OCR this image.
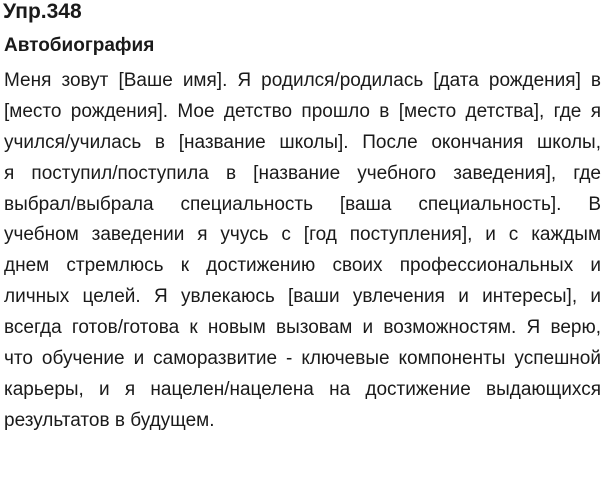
Упр.348
Автобиография
Меня зовут [Ваше имя]. Я родился/родилась [дата рождения] в
[место рождения]. Мое детство прошло в [место детства], где я
учился/училась в [название школы]. После окончания школы,
я поступил/поступила в [название учебного заведения], где
выбрал/выбрала специальность [ваша специальность]. В
учебном заведении я учусь с [год поступления], и с каждым
днем стремлюсь к достижению своих профессиональных и
личных целей. Я увлекаюсь [ваши увлечения и интересы], и
всегда готов/готова к новым вызовам и возможностям. Я верю,
что обучение и саморазвитие - ключевые компоненты успешной
карьеры, и я нацелен/нацелена на достижение выдающихся
результатов в будущем.
